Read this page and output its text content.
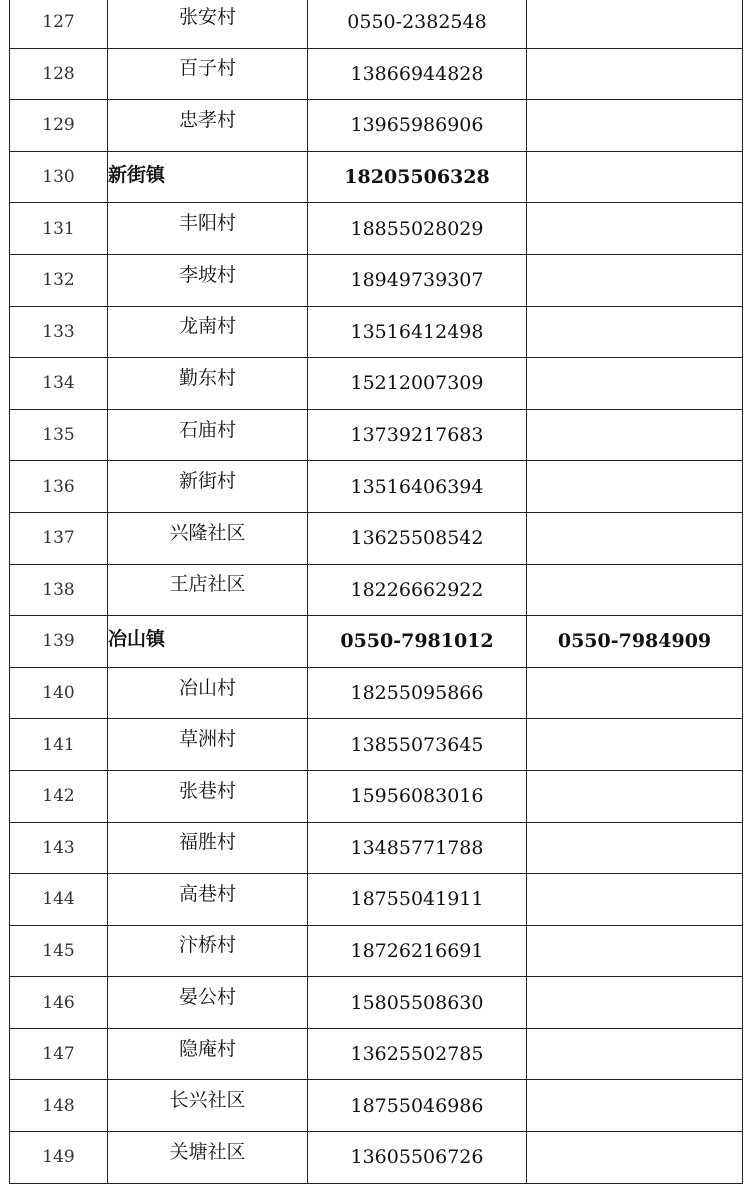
127	张安村	0550-2382548	
128	百子村	13866944828	
129	忠孝村	13965986906	
130	新街镇	18205506328	
131	丰阳村	18855028029	
132	李坡村	18949739307	
133	龙南村	13516412498	
134	勤东村	15212007309	
135	石庙村	13739217683	
136	新街村	13516406394	
137	兴隆社区	13625508542	
138	王店社区	18226662922	
139	冶山镇	0550-7981012	0550-7984909
140	冶山村	18255095866	
141	草洲村	13855073645	
142	张巷村	15956083016	
143	福胜村	13485771788	
144	高巷村	18755041911	
145	汴桥村	18726216691	
146	晏公村	15805508630	
147	隐庵村	13625502785	
148	长兴社区	18755046986	
149	关塘社区	13605506726	
